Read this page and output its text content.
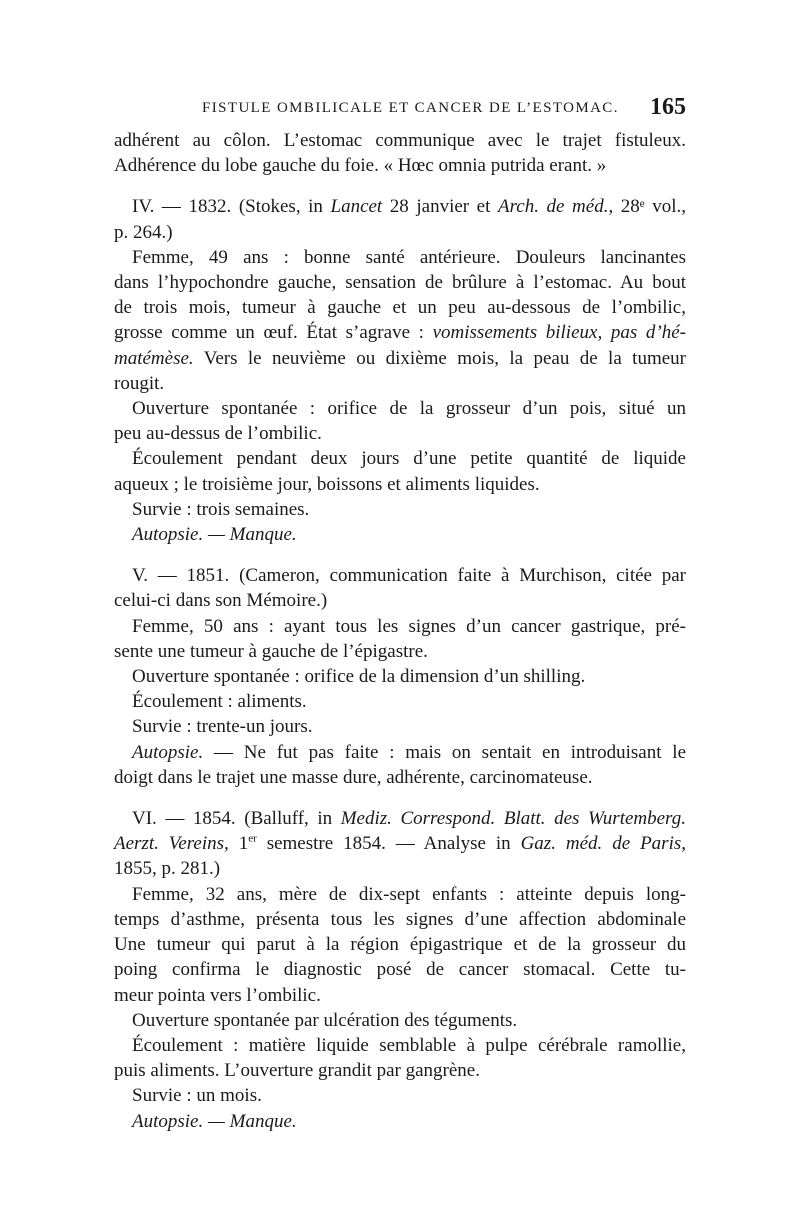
FISTULE OMBILICALE ET CANCER DE L’ESTOMAC. 165
adhérent au côlon. L’estomac communique avec le trajet fistuleux.
Adhérence du lobe gauche du foie. « Hœc omnia putrida erant. »
IV. — 1832. (Stokes, in Lancet 28 janvier et Arch. de méd., 28ᵉ vol.,
p. 264.)
Femme, 49 ans : bonne santé antérieure. Douleurs lancinantes
dans l’hypochondre gauche, sensation de brûlure à l’estomac. Au bout
de trois mois, tumeur à gauche et un peu au-dessous de l’ombilic,
grosse comme un œuf. État s’agrave : vomissements bilieux, pas d’hé-
matémèse. Vers le neuvième ou dixième mois, la peau de la tumeur
rougit.
Ouverture spontanée : orifice de la grosseur d’un pois, situé un
peu au-dessus de l’ombilic.
Écoulement pendant deux jours d’une petite quantité de liquide
aqueux ; le troisième jour, boissons et aliments liquides.
Survie : trois semaines.
Autopsie. — Manque.
V. — 1851. (Cameron, communication faite à Murchison, citée par
celui-ci dans son Mémoire.)
Femme, 50 ans : ayant tous les signes d’un cancer gastrique, pré-
sente une tumeur à gauche de l’épigastre.
Ouverture spontanée : orifice de la dimension d’un shilling.
Écoulement : aliments.
Survie : trente-un jours.
Autopsie. — Ne fut pas faite : mais on sentait en introduisant le
doigt dans le trajet une masse dure, adhérente, carcinomateuse.
VI. — 1854. (Balluff, in Mediz. Correspond. Blatt. des Wurtemberg.
Aerzt. Vereins, 1er semestre 1854. — Analyse in Gaz. méd. de Paris,
1855, p. 281.)
Femme, 32 ans, mère de dix-sept enfants : atteinte depuis long-
temps d’asthme, présenta tous les signes d’une affection abdominale
Une tumeur qui parut à la région épigastrique et de la grosseur du
poing confirma le diagnostic posé de cancer stomacal. Cette tu-
meur pointa vers l’ombilic.
Ouverture spontanée par ulcération des téguments.
Écoulement : matière liquide semblable à pulpe cérébrale ramollie,
puis aliments. L’ouverture grandit par gangrène.
Survie : un mois.
Autopsie. — Manque.
